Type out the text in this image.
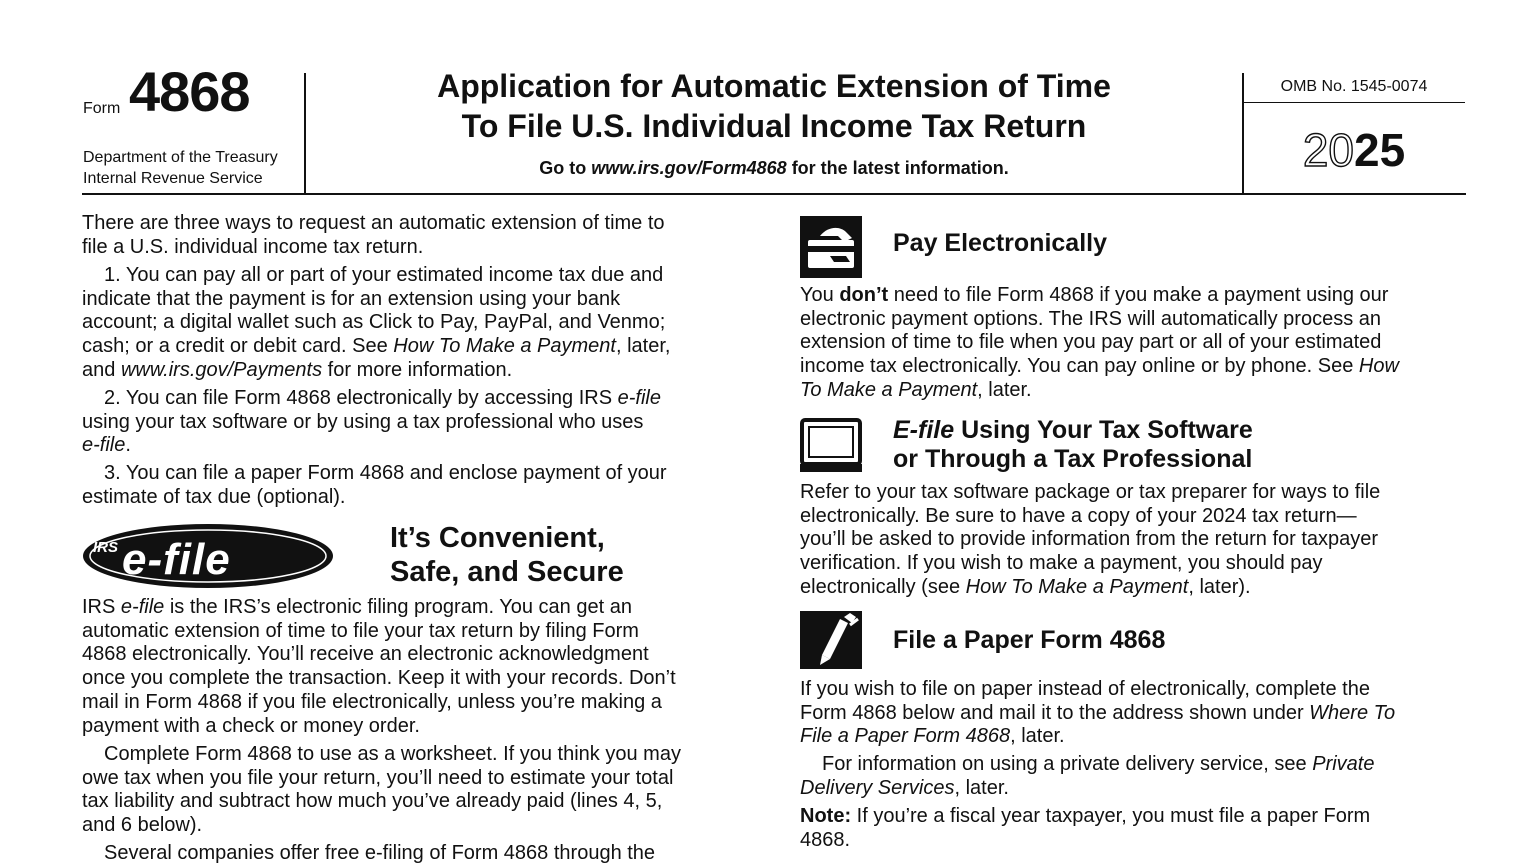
Form 4868
Department of the Treasury
Internal Revenue Service
Application for Automatic Extension of Time
To File U.S. Individual Income Tax Return
Go to www.irs.gov/Form4868 for the latest information.
OMB No. 1545-0074
2025
There are three ways to request an automatic extension of time to
file a U.S. individual income tax return.
1. You can pay all or part of your estimated income tax due and
indicate that the payment is for an extension using your bank
account; a digital wallet such as Click to Pay, PayPal, and Venmo;
cash; or a credit or debit card. See How To Make a Payment, later,
and www.irs.gov/Payments for more information.
2. You can file Form 4868 electronically by accessing IRS e-file
using your tax software or by using a tax professional who uses
e-file.
3. You can file a paper Form 4868 and enclose payment of your
estimate of tax due (optional).
IRS e-file	It’s Convenient,
Safe, and Secure
IRS e-file is the IRS’s electronic filing program. You can get an
automatic extension of time to file your tax return by filing Form
4868 electronically. You’ll receive an electronic acknowledgment
once you complete the transaction. Keep it with your records. Don’t
mail in Form 4868 if you file electronically, unless you’re making a
payment with a check or money order.
Complete Form 4868 to use as a worksheet. If you think you may
owe tax when you file your return, you’ll need to estimate your total
tax liability and subtract how much you’ve already paid (lines 4, 5,
and 6 below).
Several companies offer free e-filing of Form 4868 through the
Pay Electronically
You don’t need to file Form 4868 if you make a payment using our
electronic payment options. The IRS will automatically process an
extension of time to file when you pay part or all of your estimated
income tax electronically. You can pay online or by phone. See How
To Make a Payment, later.
E-file Using Your Tax Software
or Through a Tax Professional
Refer to your tax software package or tax preparer for ways to file
electronically. Be sure to have a copy of your 2024 tax return—
you’ll be asked to provide information from the return for taxpayer
verification. If you wish to make a payment, you should pay
electronically (see How To Make a Payment, later).
File a Paper Form 4868
If you wish to file on paper instead of electronically, complete the
Form 4868 below and mail it to the address shown under Where To
File a Paper Form 4868, later.
For information on using a private delivery service, see Private
Delivery Services, later.
Note: If you’re a fiscal year taxpayer, you must file a paper Form
4868.
